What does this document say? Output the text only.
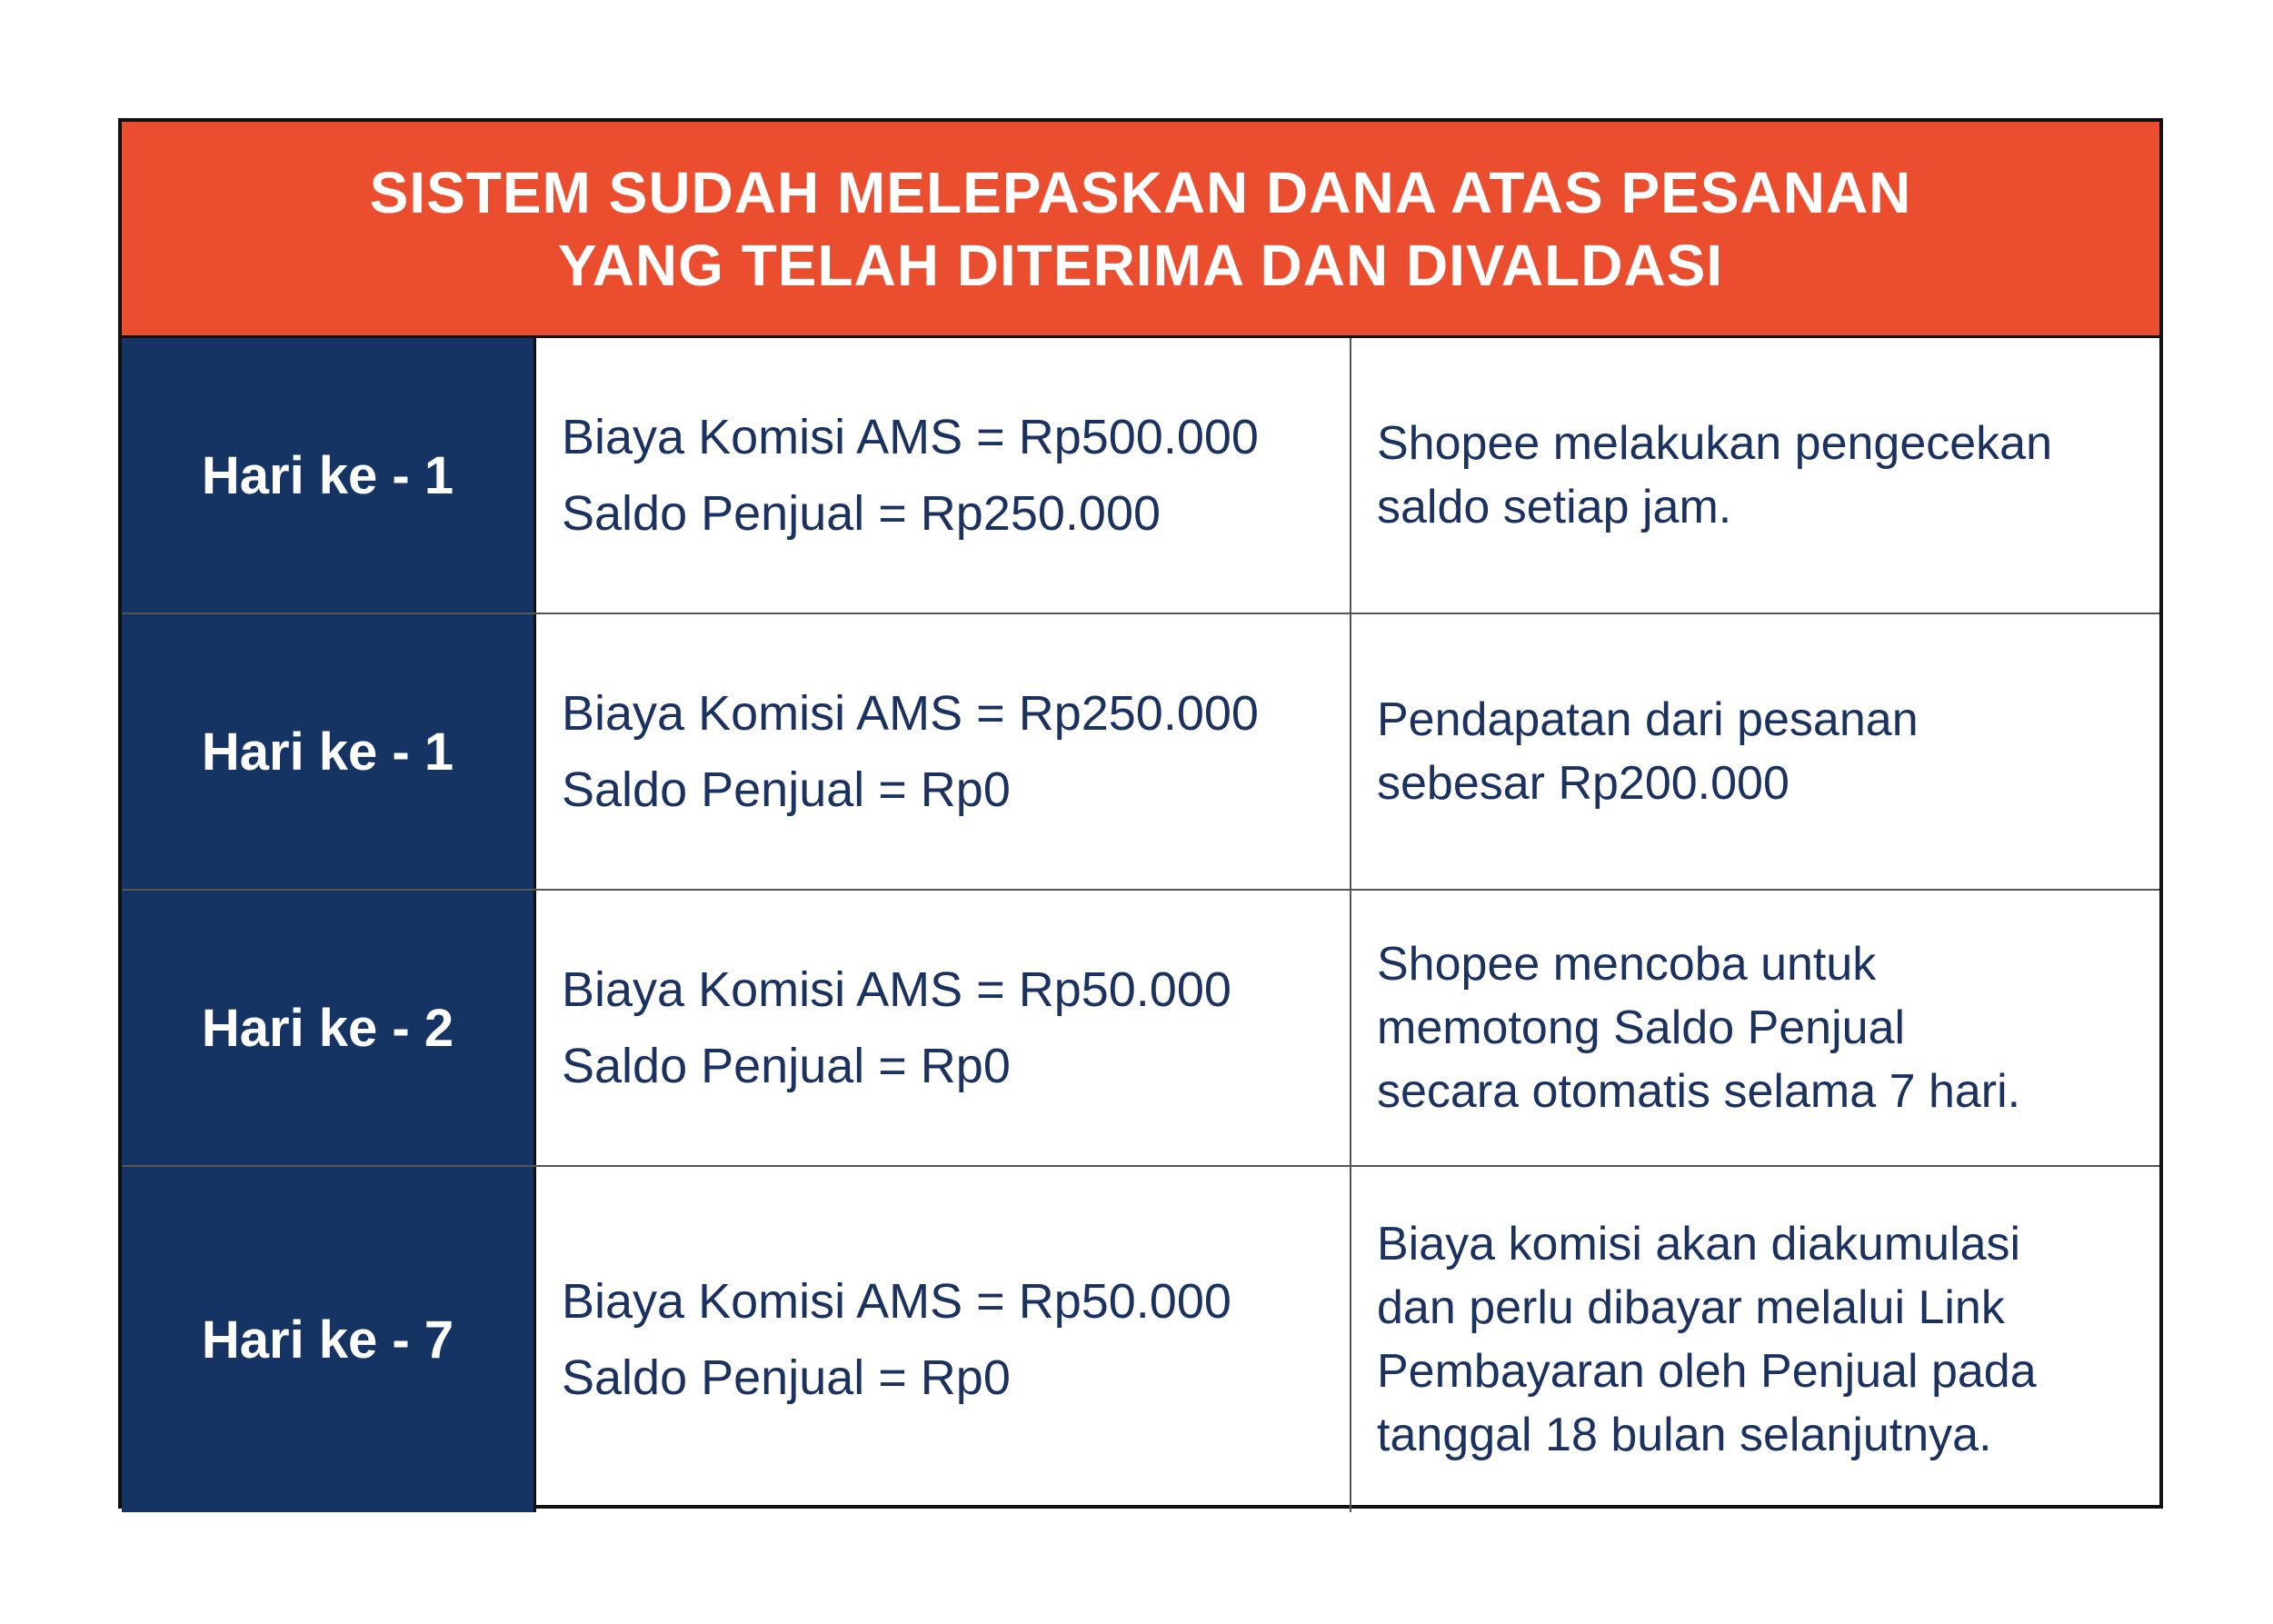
SISTEM SUDAH MELEPASKAN DANA ATAS PESANAN
YANG TELAH DITERIMA DAN DIVALDASI
Hari ke - 1
Biaya Komisi AMS = Rp500.000
Saldo Penjual = Rp250.000
Shopee melakukan pengecekan
saldo setiap jam.
Hari ke - 1
Biaya Komisi AMS = Rp250.000
Saldo Penjual = Rp0
Pendapatan dari pesanan
sebesar Rp200.000
Hari ke - 2
Biaya Komisi AMS = Rp50.000
Saldo Penjual = Rp0
Shopee mencoba untuk
memotong Saldo Penjual
secara otomatis selama 7 hari.
Hari ke - 7
Biaya Komisi AMS = Rp50.000
Saldo Penjual = Rp0
Biaya komisi akan diakumulasi
dan perlu dibayar melalui Link
Pembayaran oleh Penjual pada
tanggal 18 bulan selanjutnya.
